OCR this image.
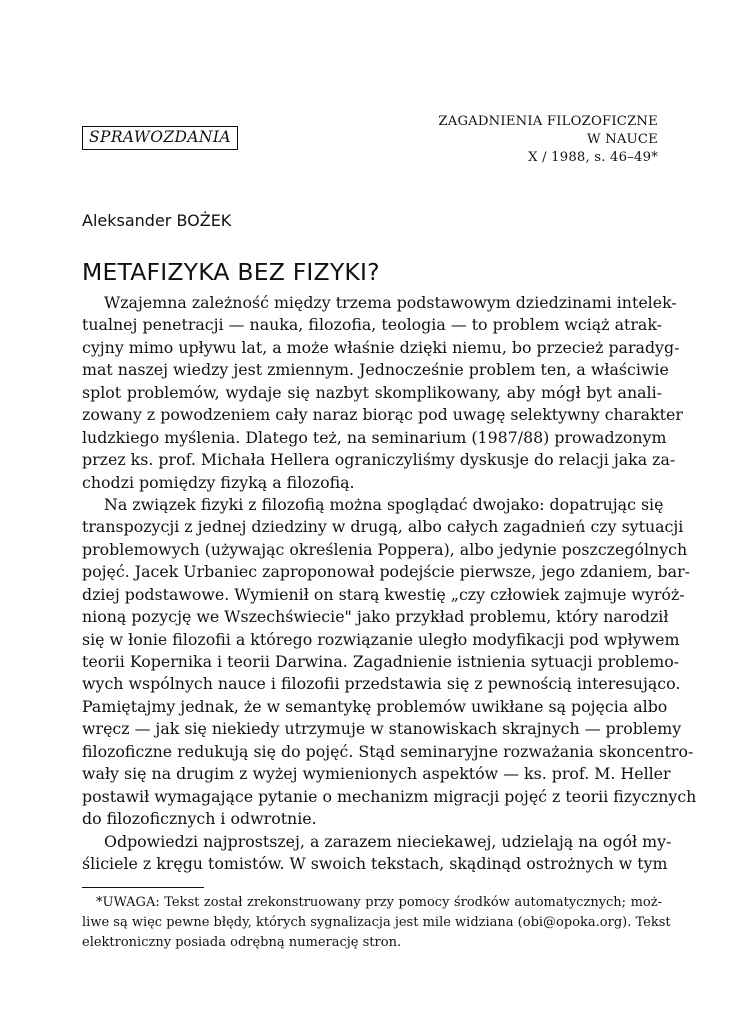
SPRAWOZDANIA
ZAGADNIENIA FILOZOFICZNE
W NAUCE
X / 1988, s. 46–49*
Aleksander BOŻEK
METAFIZYKA BEZ FIZYKI?
Wzajemna zależność między trzema podstawowym dziedzinami intelek-
tualnej penetracji — nauka, filozofia, teologia — to problem wciąż atrak-
cyjny mimo upływu lat, a może właśnie dzięki niemu, bo przecież paradyg-
mat naszej wiedzy jest zmiennym. Jednocześnie problem ten, a właściwie
splot problemów, wydaje się nazbyt skomplikowany, aby mógł byt anali-
zowany z powodzeniem cały naraz biorąc pod uwagę selektywny charakter
ludzkiego myślenia. Dlatego też, na seminarium (1987/88) prowadzonym
przez ks. prof. Michała Hellera ograniczyliśmy dyskusje do relacji jaka za-
chodzi pomiędzy fizyką a filozofią.
Na związek fizyki z filozofią można spoglądać dwojako: dopatrując się
transpozycji z jednej dziedziny w drugą, albo całych zagadnień czy sytuacji
problemowych (używając określenia Poppera), albo jedynie poszczególnych
pojęć. Jacek Urbaniec zaproponował podejście pierwsze, jego zdaniem, bar-
dziej podstawowe. Wymienił on starą kwestię „czy człowiek zajmuje wyróż-
nioną pozycję we Wszechświecie" jako przykład problemu, który narodził
się w łonie filozofii a którego rozwiązanie uległo modyfikacji pod wpływem
teorii Kopernika i teorii Darwina. Zagadnienie istnienia sytuacji problemo-
wych wspólnych nauce i filozofii przedstawia się z pewnością interesująco.
Pamiętajmy jednak, że w semantykę problemów uwikłane są pojęcia albo
wręcz — jak się niekiedy utrzymuje w stanowiskach skrajnych — problemy
filozoficzne redukują się do pojęć. Stąd seminaryjne rozważania skoncentro-
wały się na drugim z wyżej wymienionych aspektów — ks. prof. M. Heller
postawił wymagające pytanie o mechanizm migracji pojęć z teorii fizycznych
do filozoficznych i odwrotnie.
Odpowiedzi najprostszej, a zarazem nieciekawej, udzielają na ogół my-
śliciele z kręgu tomistów. W swoich tekstach, skądinąd ostrożnych w tym
*UWAGA: Tekst został zrekonstruowany przy pomocy środków automatycznych; moż-
liwe są więc pewne błędy, których sygnalizacja jest mile widziana (obi@opoka.org). Tekst
elektroniczny posiada odrębną numerację stron.
